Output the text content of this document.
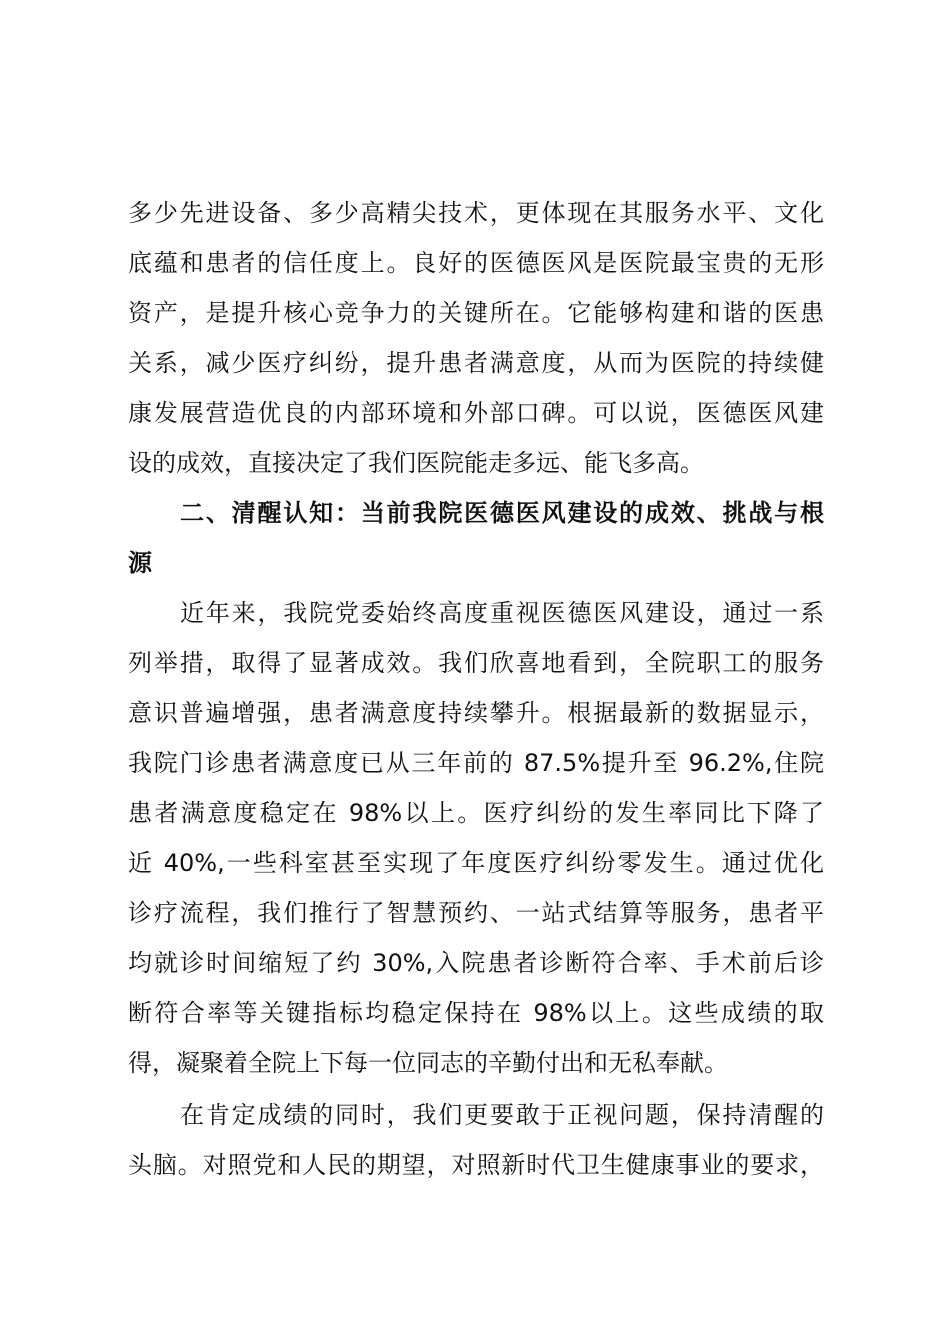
多少先进设备、多少高精尖技术，更体现在其服务水平、文化
底蕴和患者的信任度上。良好的医德医风是医院最宝贵的无形
资产，是提升核心竞争力的关键所在。它能够构建和谐的医患
关系，减少医疗纠纷，提升患者满意度，从而为医院的持续健
康发展营造优良的内部环境和外部口碑。可以说，医德医风建
设的成效，直接决定了我们医院能走多远、能飞多高。
二、清醒认知：当前我院医德医风建设的成效、挑战与根
源
近年来，我院党委始终高度重视医德医风建设，通过一系
列举措，取得了显著成效。我们欣喜地看到，全院职工的服务
意识普遍增强，患者满意度持续攀升。根据最新的数据显示，
我院门诊患者满意度已从三年前的 87.5%提升至 96.2%,住院
患者满意度稳定在 98%以上。医疗纠纷的发生率同比下降了
近 40%,一些科室甚至实现了年度医疗纠纷零发生。通过优化
诊疗流程，我们推行了智慧预约、一站式结算等服务，患者平
均就诊时间缩短了约 30%,入院患者诊断符合率、手术前后诊
断符合率等关键指标均稳定保持在 98%以上。这些成绩的取
得，凝聚着全院上下每一位同志的辛勤付出和无私奉献。
在肯定成绩的同时，我们更要敢于正视问题，保持清醒的
头脑。对照党和人民的期望，对照新时代卫生健康事业的要求，
